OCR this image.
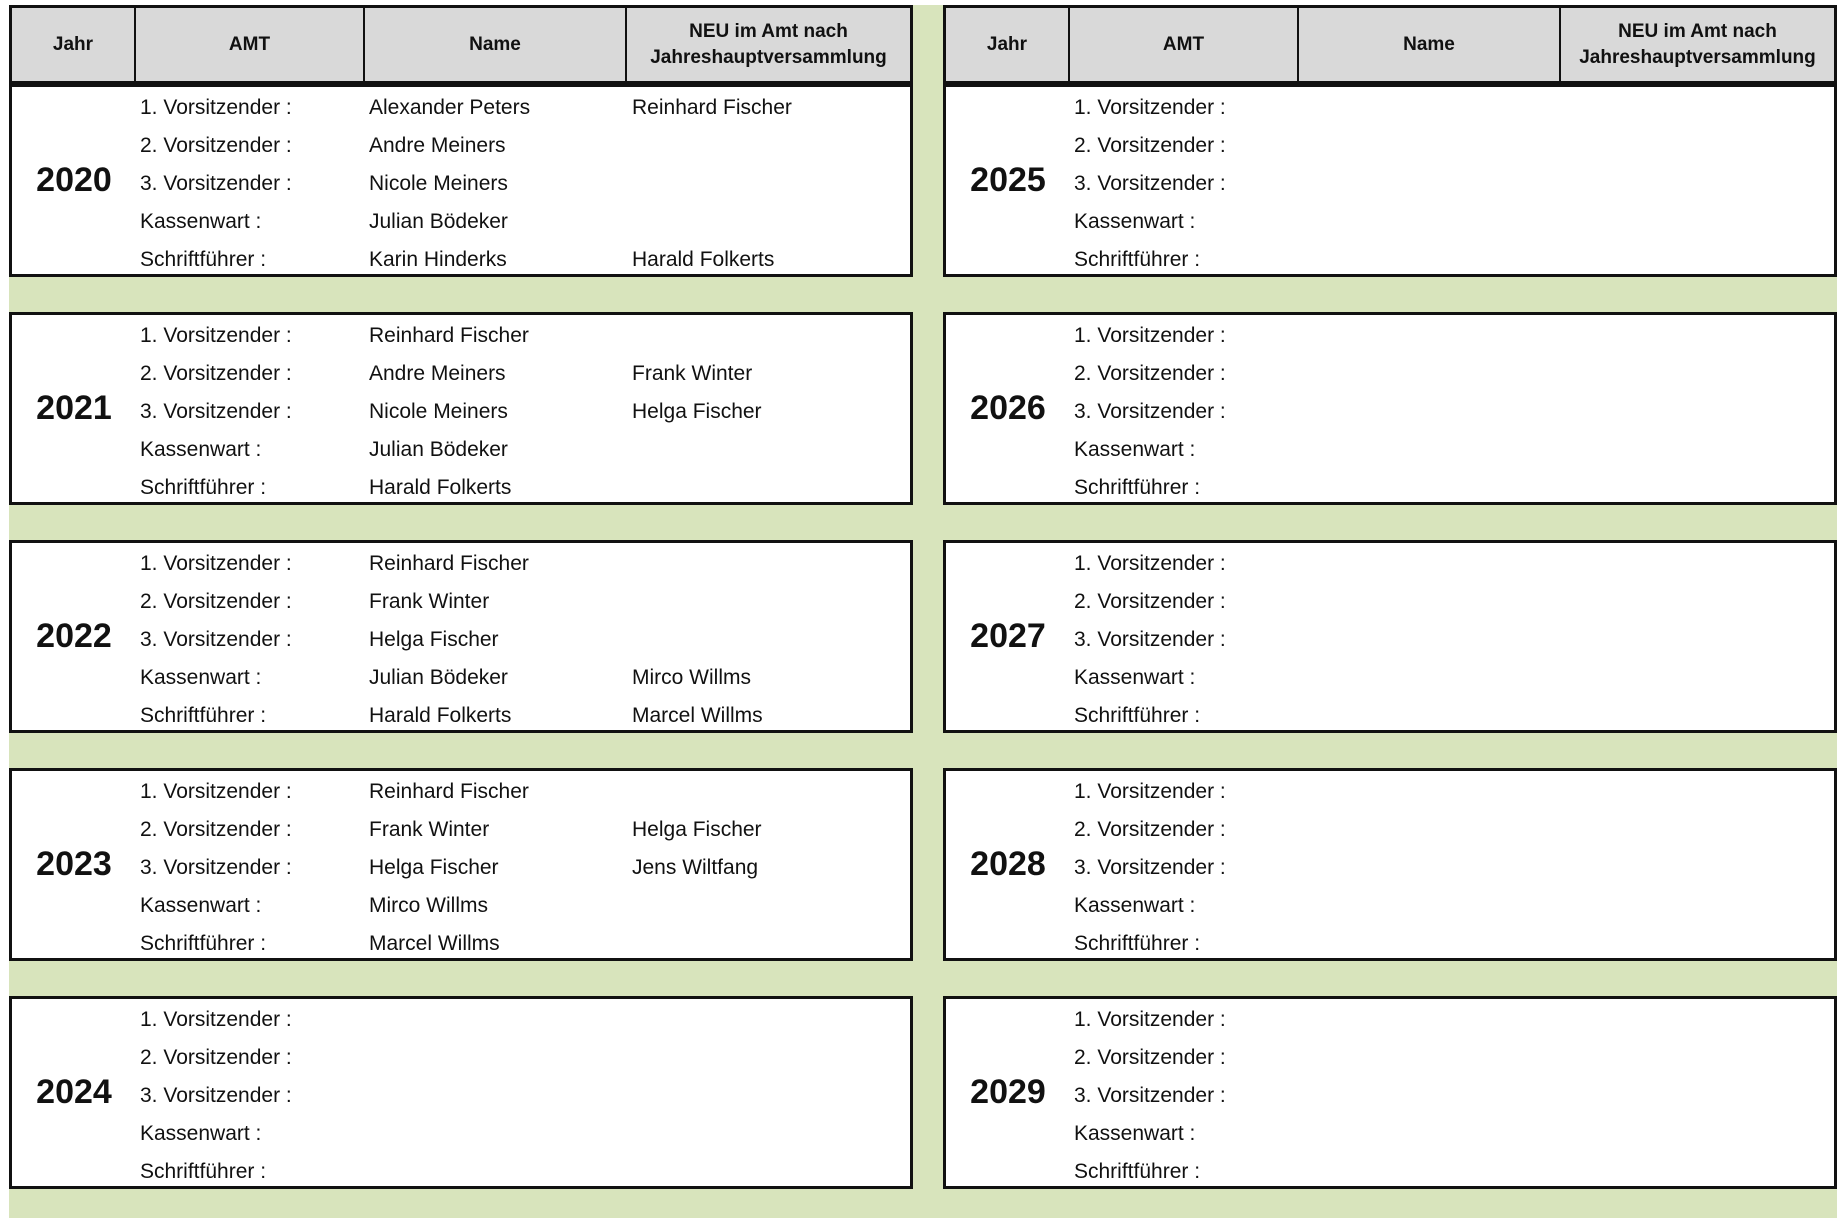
Jahr	AMT	Name
NEU im Amt nach
Jahreshauptversammlung
2020
1. Vorsitzender :	Alexander Peters	Reinhard Fischer
2. Vorsitzender :	Andre Meiners
3. Vorsitzender :	Nicole Meiners
Kassenwart :	Julian Bödeker
Schriftführer :	Karin Hinderks	Harald Folkerts
2021
1. Vorsitzender :	Reinhard Fischer
2. Vorsitzender :	Andre Meiners	Frank Winter
3. Vorsitzender :	Nicole Meiners	Helga Fischer
Kassenwart :	Julian Bödeker
Schriftführer :	Harald Folkerts
2022
1. Vorsitzender :	Reinhard Fischer
2. Vorsitzender :	Frank Winter
3. Vorsitzender :	Helga Fischer
Kassenwart :	Julian Bödeker	Mirco Willms
Schriftführer :	Harald Folkerts	Marcel Willms
2023
1. Vorsitzender :	Reinhard Fischer
2. Vorsitzender :	Frank Winter	Helga Fischer
3. Vorsitzender :	Helga Fischer	Jens Wiltfang
Kassenwart :	Mirco Willms
Schriftführer :	Marcel Willms
2024
1. Vorsitzender :
2. Vorsitzender :
3. Vorsitzender :
Kassenwart :
Schriftführer :
Jahr	AMT	Name
NEU im Amt nach
Jahreshauptversammlung
2025
1. Vorsitzender :
2. Vorsitzender :
3. Vorsitzender :
Kassenwart :
Schriftführer :
2026
1. Vorsitzender :
2. Vorsitzender :
3. Vorsitzender :
Kassenwart :
Schriftführer :
2027
1. Vorsitzender :
2. Vorsitzender :
3. Vorsitzender :
Kassenwart :
Schriftführer :
2028
1. Vorsitzender :
2. Vorsitzender :
3. Vorsitzender :
Kassenwart :
Schriftführer :
2029
1. Vorsitzender :
2. Vorsitzender :
3. Vorsitzender :
Kassenwart :
Schriftführer :
